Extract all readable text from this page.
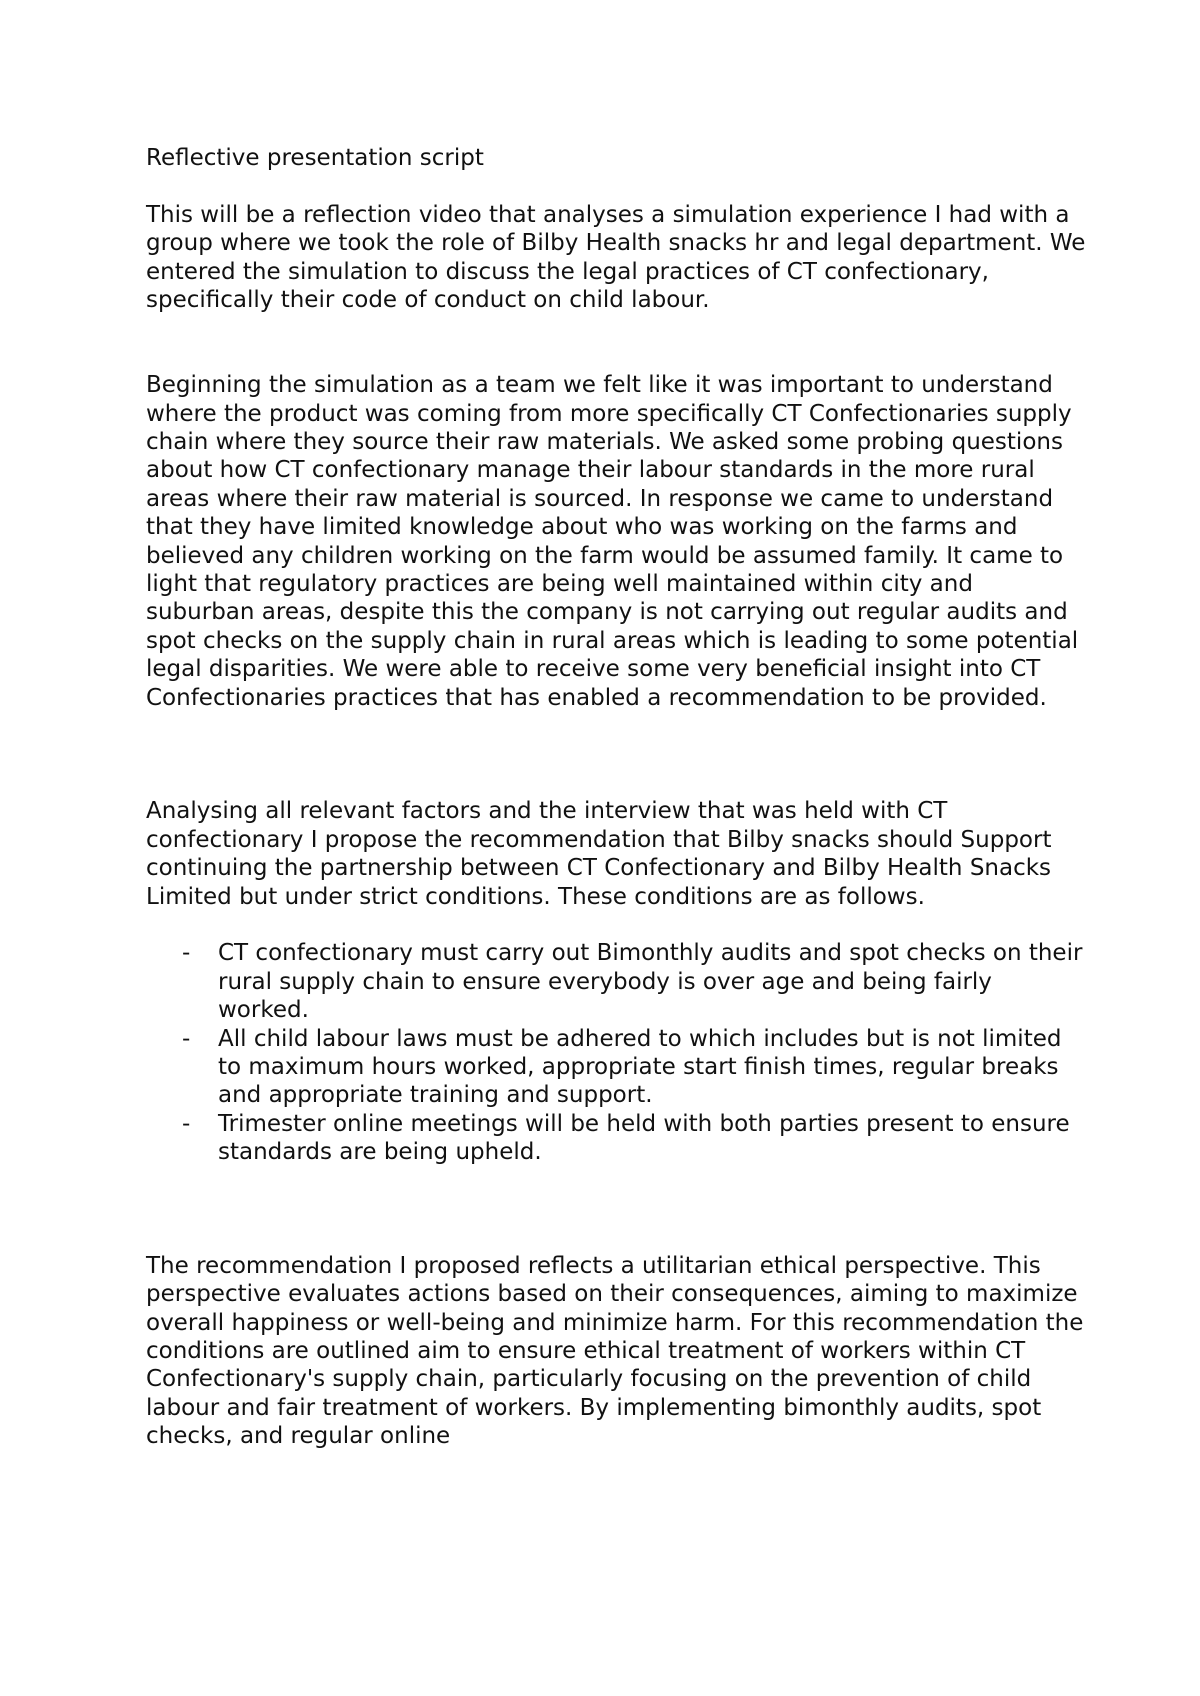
Reflective presentation script

This will be a reflection video that analyses a simulation experience I had with a group where we took the role of Bilby Health snacks hr and legal department. We entered the simulation to discuss the legal practices of CT confectionary, specifically their code of conduct on child labour.

Beginning the simulation as a team we felt like it was important to understand where the product was coming from more specifically CT Confectionaries supply chain where they source their raw materials. We asked some probing questions about how CT confectionary manage their labour standards in the more rural areas where their raw material is sourced. In response we came to understand that they have limited knowledge about who was working on the farms and believed any children working on the farm would be assumed family. It came to light that regulatory practices are being well maintained within city and suburban areas, despite this the company is not carrying out regular audits and spot checks on the supply chain in rural areas which is leading to some potential legal disparities. We were able to receive some very beneficial insight into CT Confectionaries practices that has enabled a recommendation to be provided.

Analysing all relevant factors and the interview that was held with CT confectionary I propose the recommendation that Bilby snacks should Support continuing the partnership between CT Confectionary and Bilby Health Snacks Limited but under strict conditions. These conditions are as follows.

- CT confectionary must carry out Bimonthly audits and spot checks on their rural supply chain to ensure everybody is over age and being fairly worked.
- All child labour laws must be adhered to which includes but is not limited to maximum hours worked, appropriate start finish times, regular breaks and appropriate training and support.
- Trimester online meetings will be held with both parties present to ensure standards are being upheld.

The recommendation I proposed reflects a utilitarian ethical perspective. This perspective evaluates actions based on their consequences, aiming to maximize overall happiness or well-being and minimize harm. For this recommendation the conditions are outlined aim to ensure ethical treatment of workers within CT Confectionary's supply chain, particularly focusing on the prevention of child labour and fair treatment of workers. By implementing bimonthly audits, spot checks, and regular online
